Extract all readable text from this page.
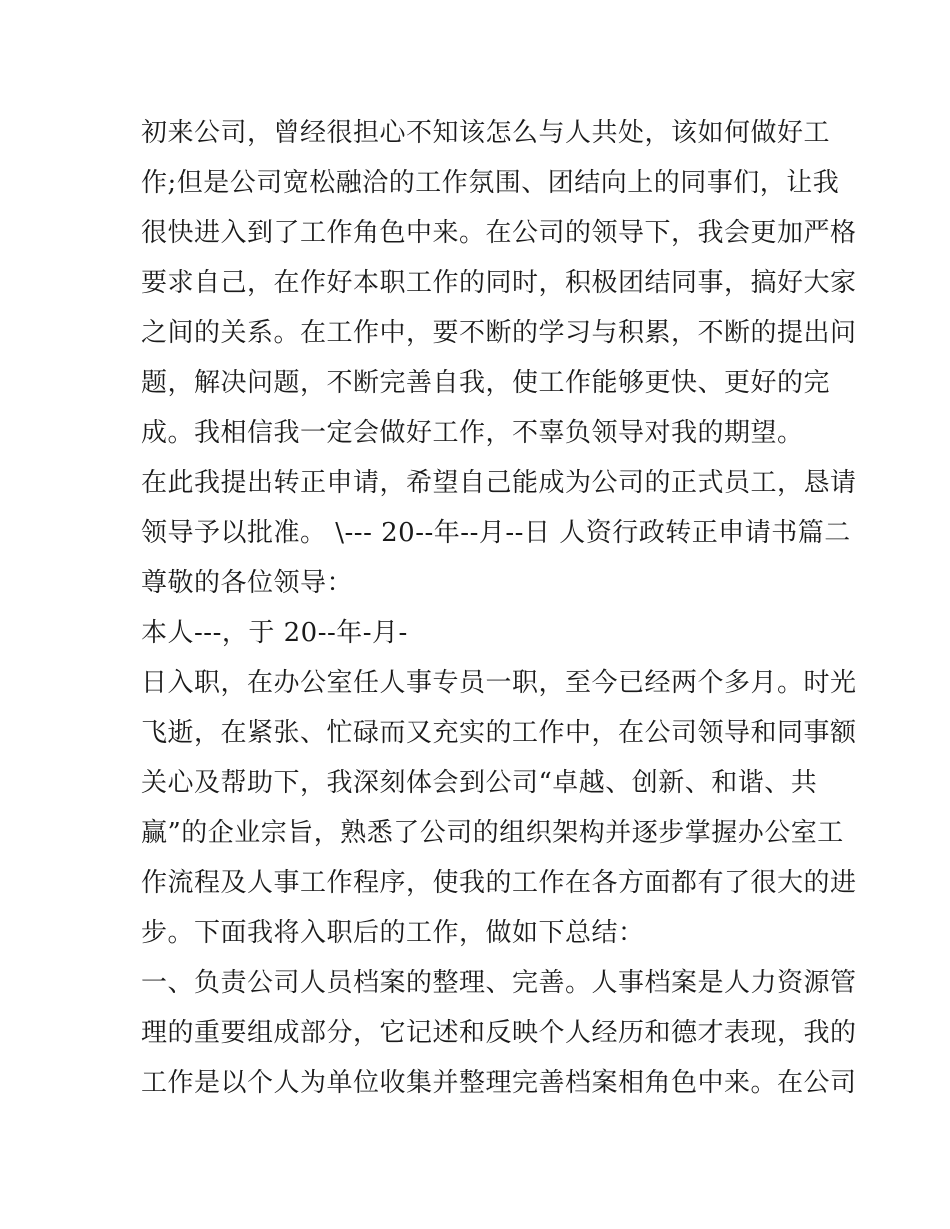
初来公司，曾经很担心不知该怎么与人共处，该如何做好工
作;但是公司宽松融洽的工作氛围、团结向上的同事们，让我
很快进入到了工作角色中来。在公司的领导下，我会更加严格
要求自己，在作好本职工作的同时，积极团结同事，搞好大家
之间的关系。在工作中，要不断的学习与积累，不断的提出问
题，解决问题，不断完善自我，使工作能够更快、更好的完
成。我相信我一定会做好工作，不辜负领导对我的期望。
在此我提出转正申请，希望自己能成为公司的正式员工，恳请
领导予以批准。 \--- 20--年--月--日 人资行政转正申请书篇二
尊敬的各位领导：
本人---，于 20--年-月-
日入职，在办公室任人事专员一职，至今已经两个多月。时光
飞逝，在紧张、忙碌而又充实的工作中，在公司领导和同事额
关心及帮助下，我深刻体会到公司“卓越、创新、和谐、共
赢”的企业宗旨，熟悉了公司的组织架构并逐步掌握办公室工
作流程及人事工作程序，使我的工作在各方面都有了很大的进
步。下面我将入职后的工作，做如下总结：
一、负责公司人员档案的整理、完善。人事档案是人力资源管
理的重要组成部分，它记述和反映个人经历和德才表现，我的
工作是以个人为单位收集并整理完善档案相角色中来。在公司
